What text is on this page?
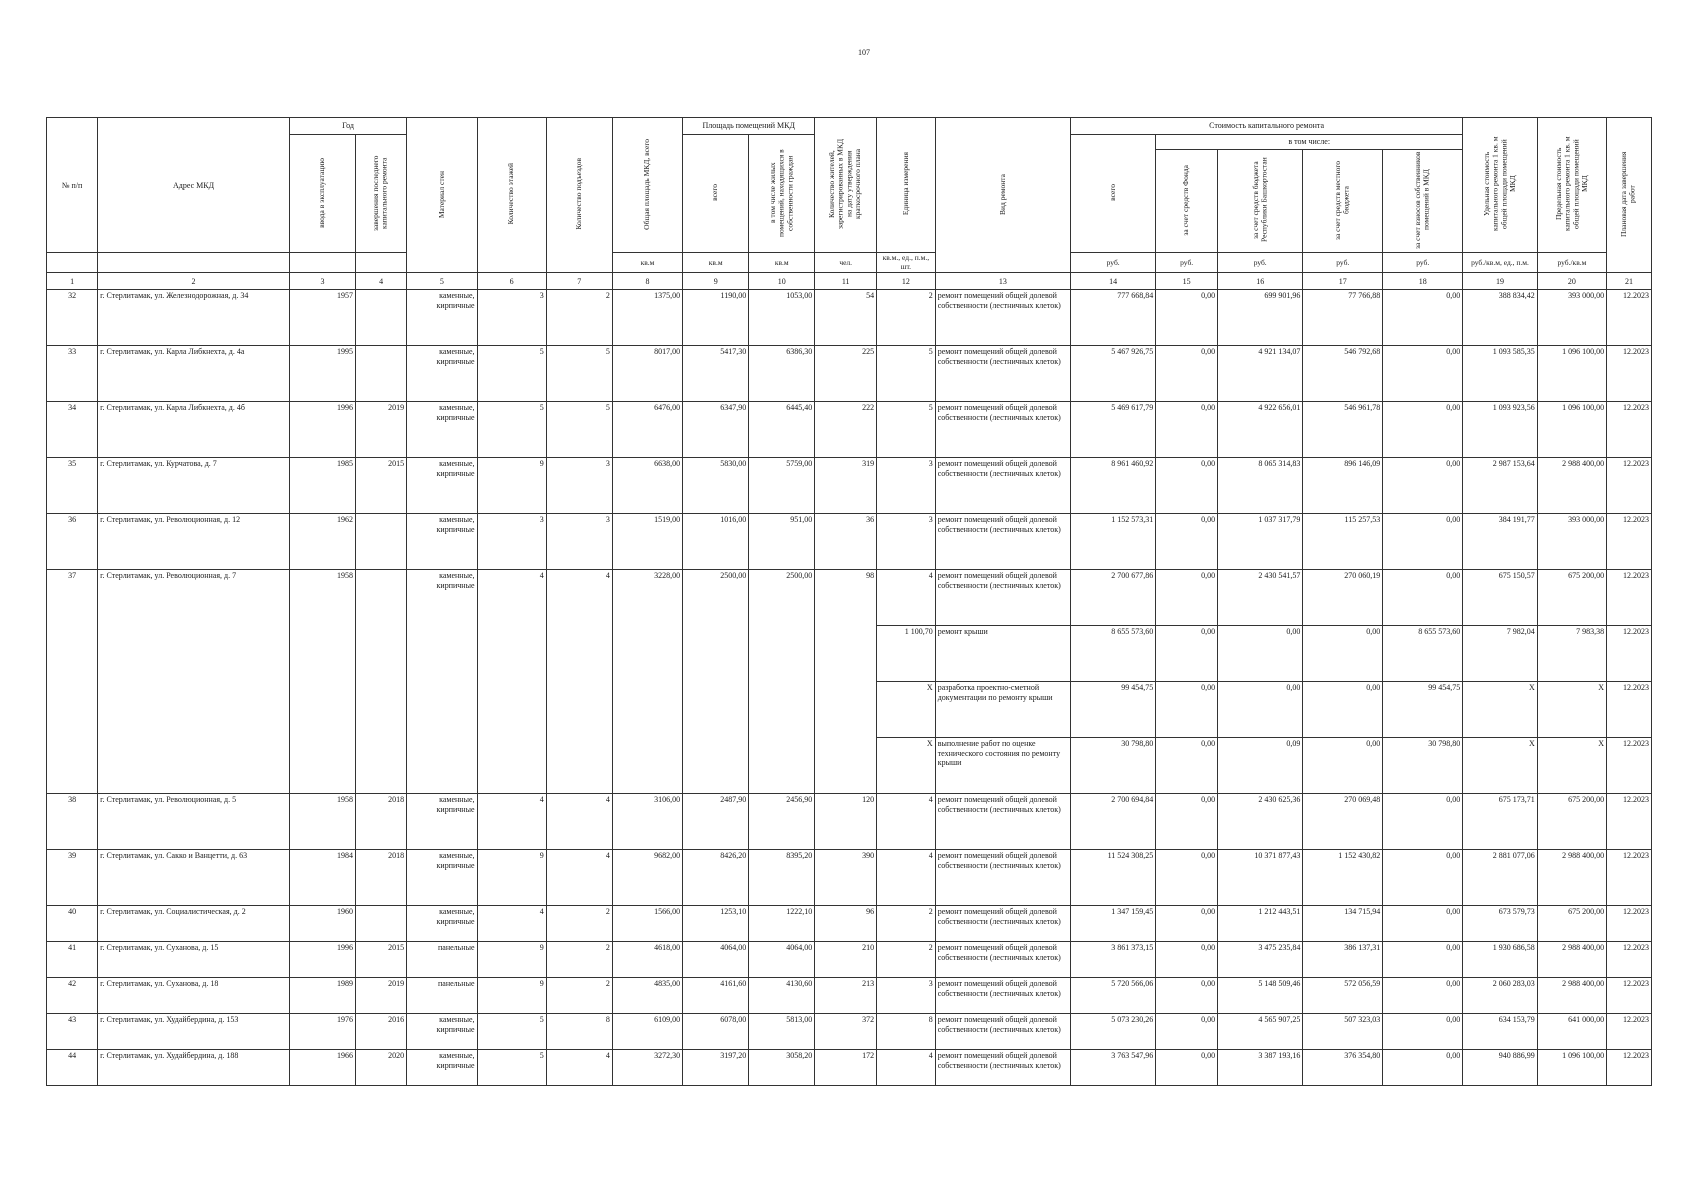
107
№ п/п	Адрес МКД	Год		Материал стен	Количество этажей	Количество подъездов	Общая площадь МКД, всего	Площадь помещений МКД		Количество жителей, зарегистрированных в МКД на дату утверждения краткосрочного плана	Единица измерения	Вид ремонта	Стоимость капитального ремонта					Удельная стоимость капитального ремонта 1 кв. м общей площади помещений МКД	Предельная стоимость капитального ремонта 1 кв. м общей площади помещений МКД	Плановая дата завершения работ
		ввода в эксплуатацию	завершения последнего капитального ремонта					всего	в том числе жилых помещений, находящихся в собственности граждан				всего	в том числе:						
														за счет средств Фонда	за счет средств бюджета Республики Башкортостан	за счет средств местного бюджета	за счет взносов собственников помещений в МКД			
							кв.м	кв.м	кв.м	чел.	кв.м., ед., п.м., шт.		руб.	руб.	руб.	руб.	руб.	руб./кв.м, ед., п.м.	руб./кв.м	
1	2	3	4	5	6	7	8	9	10	11	12	13	14	15	16	17	18	19	20	21
32	г. Стерлитамак, ул. Железнодорожная, д. 34	1957		каменные, кирпичные	3	2	1375,00	1190,00	1053,00	54	2	ремонт помещений общей долевой собственности (лестничных клеток)	777 668,84	0,00	699 901,96	77 766,88	0,00	388 834,42	393 000,00	12.2023
33	г. Стерлитамак, ул. Карла Либкнехта, д. 4а	1995		каменные, кирпичные	5	5	8017,00	5417,30	6386,30	225	5	ремонт помещений общей долевой собственности (лестничных клеток)	5 467 926,75	0,00	4 921 134,07	546 792,68	0,00	1 093 585,35	1 096 100,00	12.2023
34	г. Стерлитамак, ул. Карла Либкнехта, д. 4б	1996	2019	каменные, кирпичные	5	5	6476,00	6347,90	6445,40	222	5	ремонт помещений общей долевой собственности (лестничных клеток)	5 469 617,79	0,00	4 922 656,01	546 961,78	0,00	1 093 923,56	1 096 100,00	12.2023
35	г. Стерлитамак, ул. Курчатова, д. 7	1985	2015	каменные, кирпичные	9	3	6638,00	5830,00	5759,00	319	3	ремонт помещений общей долевой собственности (лестничных клеток)	8 961 460,92	0,00	8 065 314,83	896 146,09	0,00	2 987 153,64	2 988 400,00	12.2023
36	г. Стерлитамак, ул. Революционная, д. 12	1962		каменные, кирпичные	3	3	1519,00	1016,00	951,00	36	3	ремонт помещений общей долевой собственности (лестничных клеток)	1 152 573,31	0,00	1 037 317,79	115 257,53	0,00	384 191,77	393 000,00	12.2023
37	г. Стерлитамак, ул. Революционная, д. 7	1958		каменные, кирпичные	4	4	3228,00	2500,00	2500,00	98	4	ремонт помещений общей долевой собственности (лестничных клеток)	2 700 677,86	0,00	2 430 541,57	270 060,19	0,00	675 150,57	675 200,00	12.2023
											1 100,70	ремонт крыши	8 655 573,60	0,00	0,00	0,00	8 655 573,60	7 982,04	7 983,38	12.2023
											X	разработка проектно-сметной документации по ремонту крыши	99 454,75	0,00	0,00	0,00	99 454,75	X	X	12.2023
											X	выполнение работ по оценке технического состояния по ремонту крыши	30 798,80	0,00	0,09	0,00	30 798,80	X	X	12.2023
38	г. Стерлитамак, ул. Революционная, д. 5	1958	2018	каменные, кирпичные	4	4	3106,00	2487,90	2456,90	120	4	ремонт помещений общей долевой собственности (лестничных клеток)	2 700 694,84	0,00	2 430 625,36	270 069,48	0,00	675 173,71	675 200,00	12.2023
39	г. Стерлитамак, ул. Сакко и Ванцетти, д. 63	1984	2018	каменные, кирпичные	9	4	9682,00	8426,20	8395,20	390	4	ремонт помещений общей долевой собственности (лестничных клеток)	11 524 308,25	0,00	10 371 877,43	1 152 430,82	0,00	2 881 077,06	2 988 400,00	12.2023
40	г. Стерлитамак, ул. Социалистическая, д. 2	1960		каменные, кирпичные	4	2	1566,00	1253,10	1222,10	96	2	ремонт помещений общей долевой собственности (лестничных клеток)	1 347 159,45	0,00	1 212 443,51	134 715,94	0,00	673 579,73	675 200,00	12.2023
41	г. Стерлитамак, ул. Суханова, д. 15	1996	2015	панельные	9	2	4618,00	4064,00	4064,00	210	2	ремонт помещений общей долевой собственности (лестничных клеток)	3 861 373,15	0,00	3 475 235,84	386 137,31	0,00	1 930 686,58	2 988 400,00	12.2023
42	г. Стерлитамак, ул. Суханова, д. 18	1989	2019	панельные	9	2	4835,00	4161,60	4130,60	213	3	ремонт помещений общей долевой собственности (лестничных клеток)	5 720 566,06	0,00	5 148 509,46	572 056,59	0,00	2 060 283,03	2 988 400,00	12.2023
43	г. Стерлитамак, ул. Худайбердина, д. 153	1976	2016	каменные, кирпичные	5	8	6109,00	6078,00	5813,00	372	8	ремонт помещений общей долевой собственности (лестничных клеток)	5 073 230,26	0,00	4 565 907,25	507 323,03	0,00	634 153,79	641 000,00	12.2023
44	г. Стерлитамак, ул. Худайбердина, д. 188	1966	2020	каменные, кирпичные	5	4	3272,30	3197,20	3058,20	172	4	ремонт помещений общей долевой собственности (лестничных клеток)	3 763 547,96	0,00	3 387 193,16	376 354,80	0,00	940 886,99	1 096 100,00	12.2023
